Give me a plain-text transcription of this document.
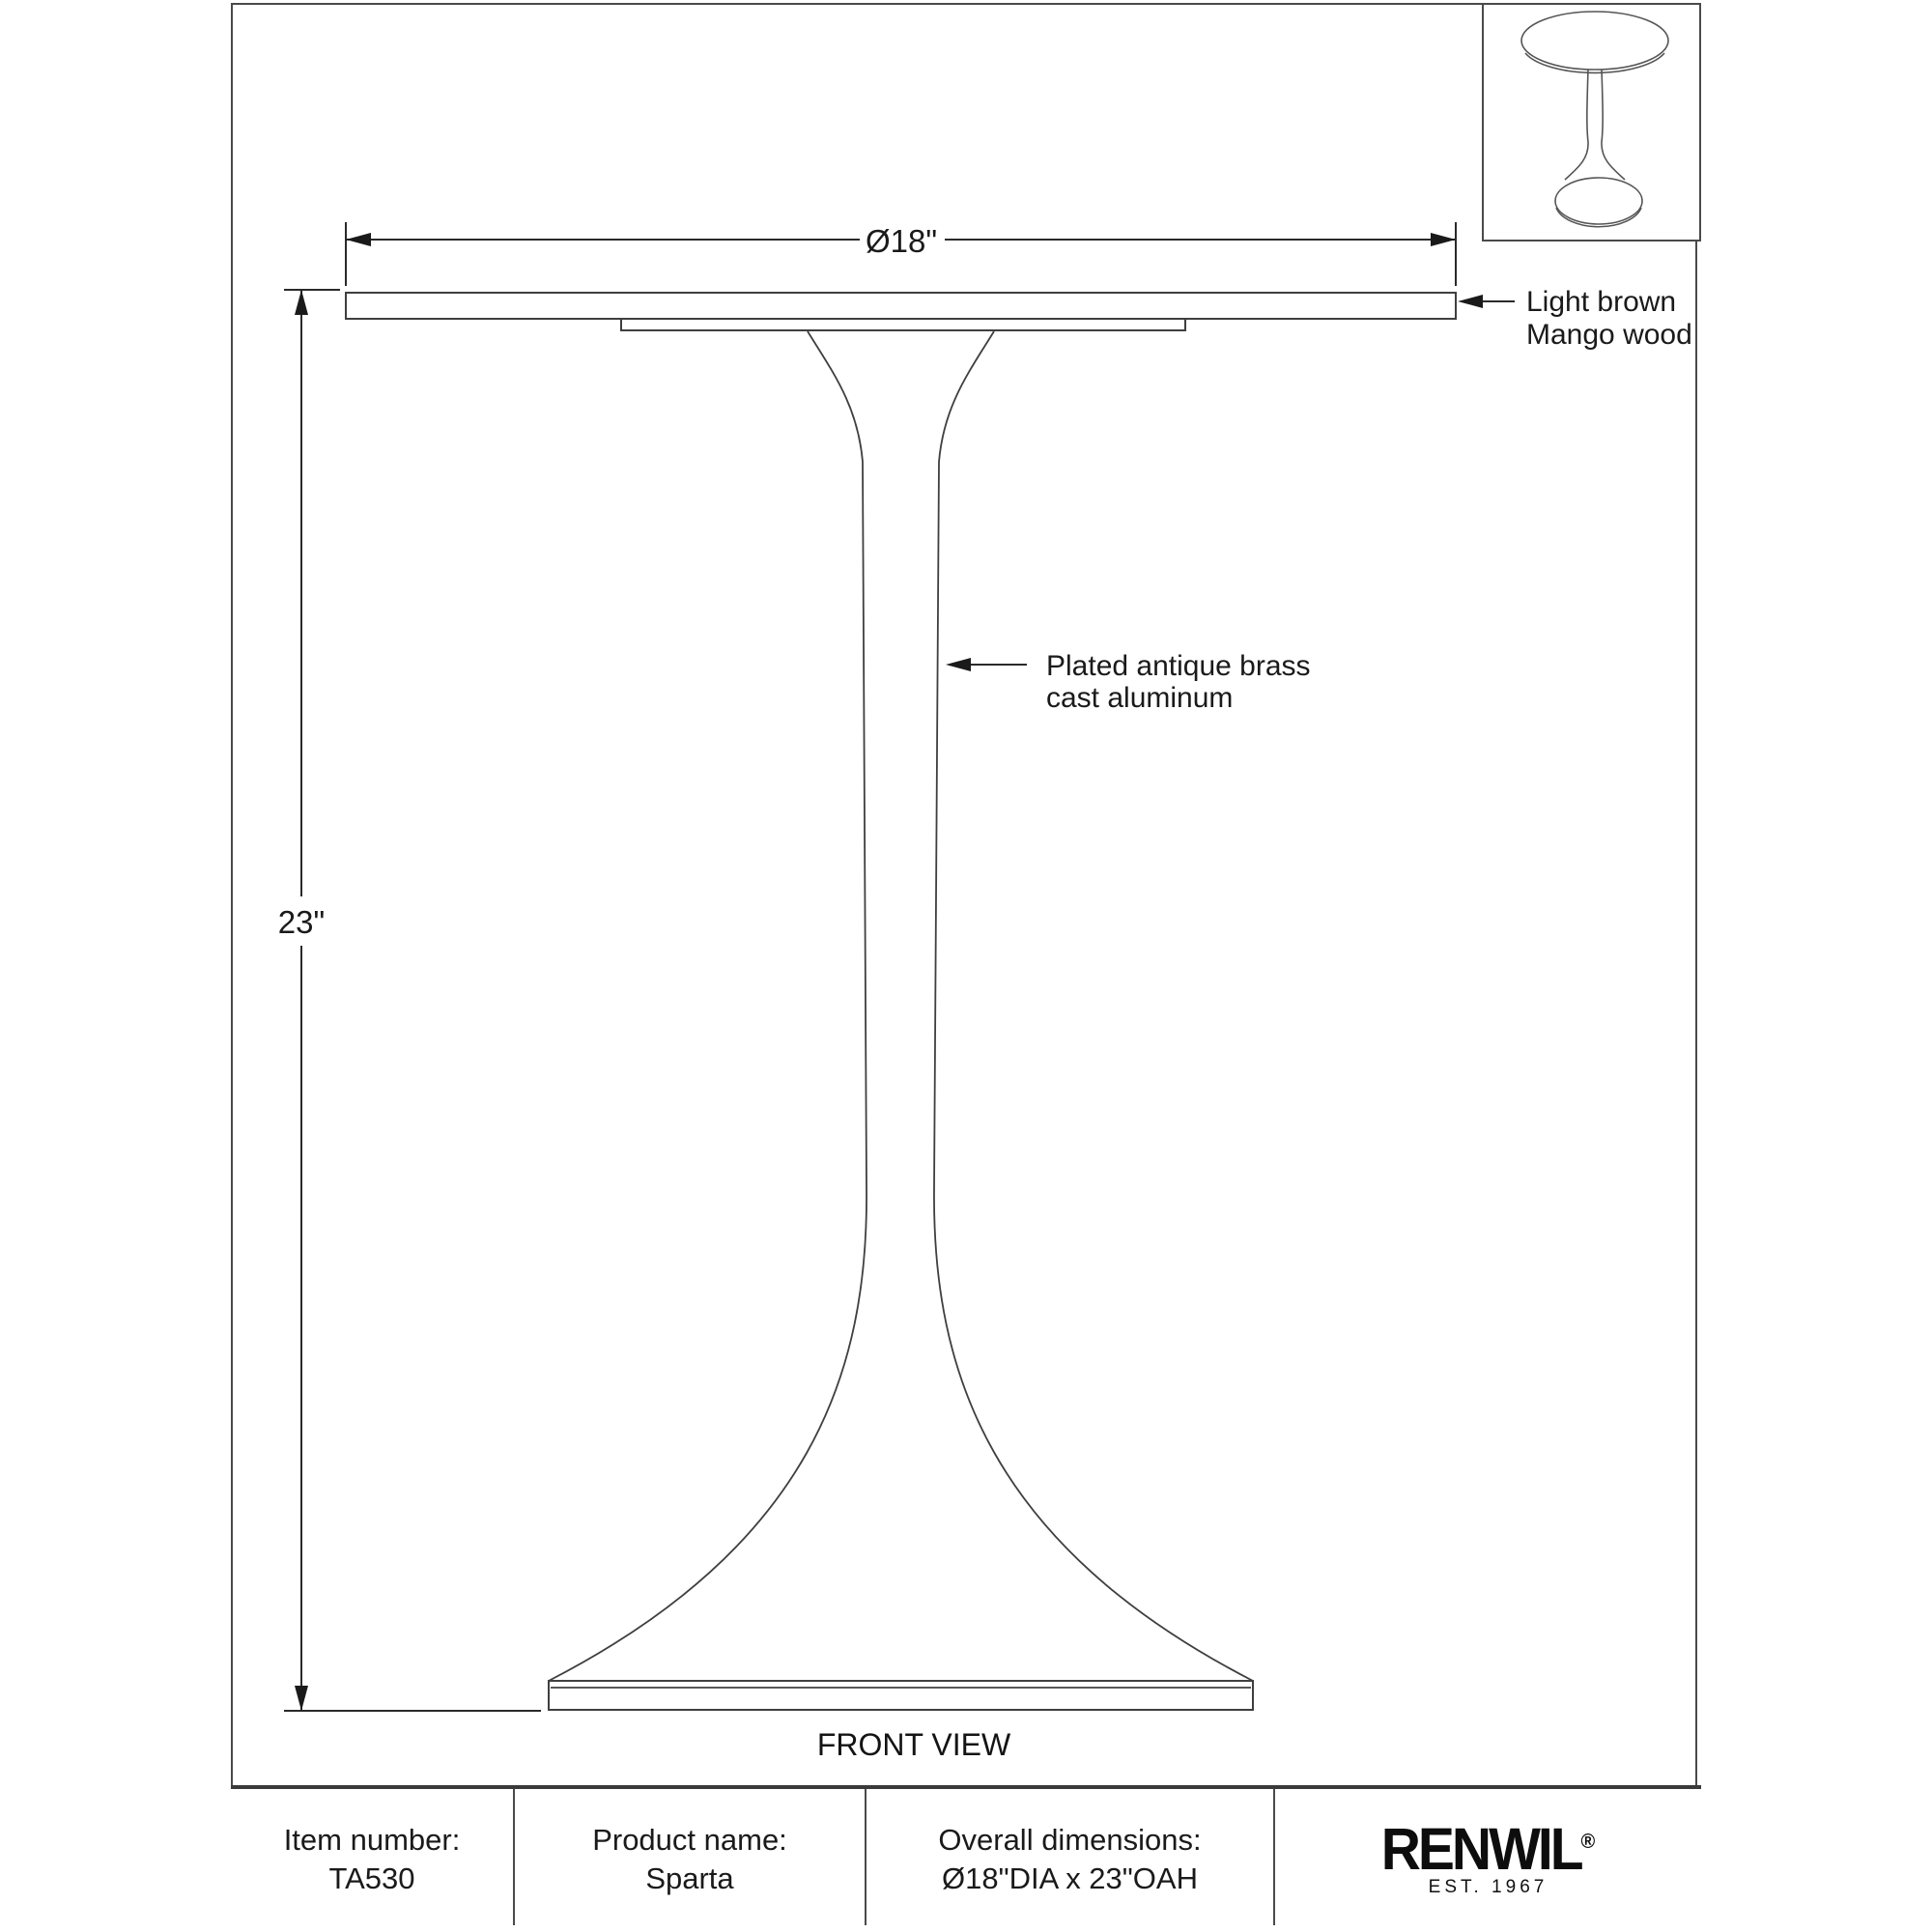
Ø18"
23"
Light brown
Mango wood
Plated antique brass
cast aluminum
FRONT VIEW
Item number:
TA530
Product name:
Sparta
Overall dimensions:
Ø18"DIA x 23"OAH	RENWIL®
EST. 1967
